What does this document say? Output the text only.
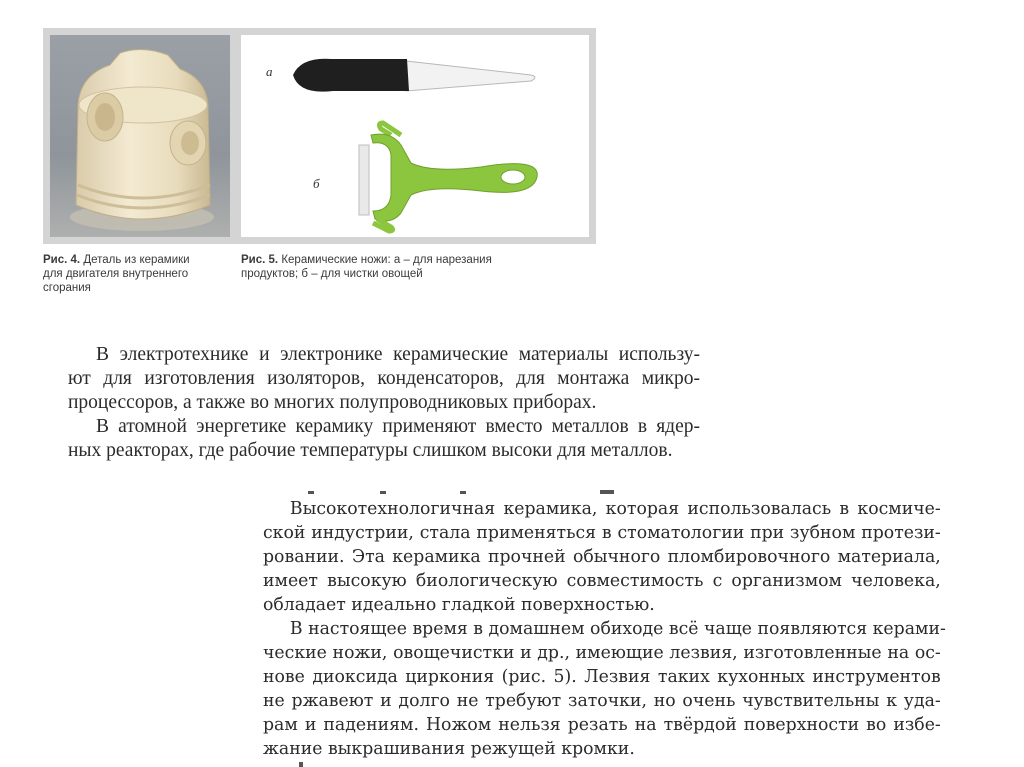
а
б
Рис. 4. Деталь из керамики
для двигателя внутреннего
сгорания
Рис. 5. Керамические ножи: а – для нарезания
продуктов; б – для чистки овощей
В электротехнике и электронике керамические материалы использу-
ют для изготовления изоляторов, конденсаторов, для монтажа микро-
процессоров, а также во многих полупроводниковых приборах.
В атомной энергетике керамику применяют вместо металлов в ядер-
ных реакторах, где рабочие температуры слишком высоки для металлов.
Высокотехнологичная керамика, которая использовалась в космиче-
ской индустрии, стала применяться в стоматологии при зубном протези-
ровании. Эта керамика прочней обычного пломбировочного материала,
имеет высокую биологическую совместимость с организмом человека,
обладает идеально гладкой поверхностью.
В настоящее время в домашнем обиходе всё чаще появляются керами-
ческие ножи, овощечистки и др., имеющие лезвия, изготовленные на ос-
нове диоксида циркония (рис. 5). Лезвия таких кухонных инструментов
не ржавеют и долго не требуют заточки, но очень чувствительны к уда-
рам и падениям. Ножом нельзя резать на твёрдой поверхности во избе-
жание выкрашивания режущей кромки.
